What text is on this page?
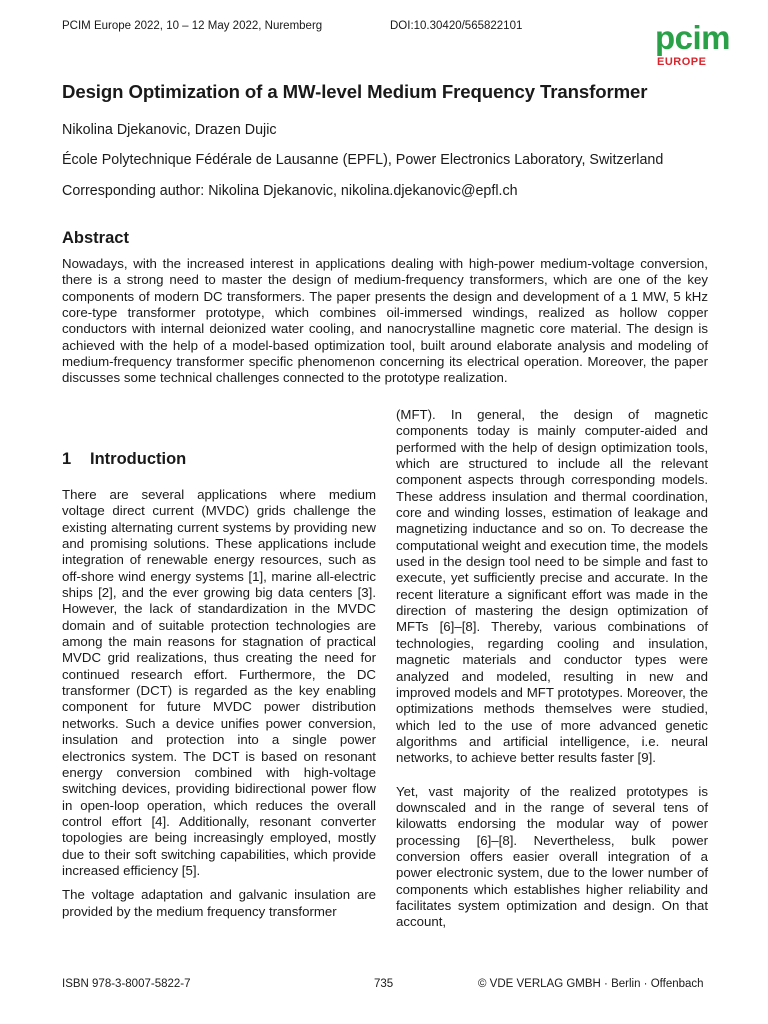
PCIM Europe 2022, 10 – 12 May 2022, Nuremberg	DOI:10.30420/565822101	pcim
EUROPE
Design Optimization of a MW-level Medium Frequency Transformer
Nikolina Djekanovic, Drazen Dujic
École Polytechnique Fédérale de Lausanne (EPFL), Power Electronics Laboratory, Switzerland
Corresponding author: Nikolina Djekanovic, nikolina.djekanovic@epfl.ch
Abstract
Nowadays, with the increased interest in applications dealing with high-power medium-voltage conversion, there is a strong need to master the design of medium-frequency transformers, which are one of the key components of modern DC transformers. The paper presents the design and development of a 1 MW, 5 kHz core-type transformer prototype, which combines oil-immersed windings, realized as hollow copper conductors with internal deionized water cooling, and nanocrystalline magnetic core material. The design is achieved with the help of a model-based optimization tool, built around elaborate analysis and modeling of medium-frequency transformer specific phenomenon concerning its electrical operation. Moreover, the paper discusses some technical challenges connected to the prototype realization.
1 Introduction

There are several applications where medium voltage direct current (MVDC) grids challenge the existing alternating current systems by providing new and promising solutions. These applications include integration of renewable energy resources, such as off-shore wind energy systems [1], marine all-electric ships [2], and the ever growing big data centers [3]. However, the lack of standardization in the MVDC domain and of suitable protection technologies are among the main reasons for stagnation of practical MVDC grid realizations, thus creating the need for continued research effort. Furthermore, the DC transformer (DCT) is regarded as the key enabling component for future MVDC power distribution networks. Such a device unifies power conversion, insulation and protection into a single power electronics system. The DCT is based on resonant energy conversion combined with high-voltage switching devices, providing bidirectional power flow in open-loop operation, which reduces the overall control effort [4]. Additionally, resonant converter topologies are being increasingly employed, mostly due to their soft switching capabilities, which provide increased efficiency [5].

The voltage adaptation and galvanic insulation are provided by the medium frequency transformer

(MFT). In general, the design of magnetic components today is mainly computer-aided and performed with the help of design optimization tools, which are structured to include all the relevant component aspects through corresponding models. These address insulation and thermal coordination, core and winding losses, estimation of leakage and magnetizing inductance and so on. To decrease the computational weight and execution time, the models used in the design tool need to be simple and fast to execute, yet sufficiently precise and accurate. In the recent literature a significant effort was made in the direction of mastering the design optimization of MFTs [6]–[8]. Thereby, various combinations of technologies, regarding cooling and insulation, magnetic materials and conductor types were analyzed and modeled, resulting in new and improved models and MFT prototypes. Moreover, the optimizations methods themselves were studied, which led to the use of more advanced genetic algorithms and artificial intelligence, i.e. neural networks, to achieve better results faster [9].

Yet, vast majority of the realized prototypes is downscaled and in the range of several tens of kilowatts endorsing the modular way of power processing [6]–[8]. Nevertheless, bulk power conversion offers easier overall integration of a power electronic system, due to the lower number of components which establishes higher reliability and facilitates system optimization and design. On that account,

ISBN 978-3-8007-5822-7	735	© VDE VERLAG GMBH · Berlin · Offenbach
